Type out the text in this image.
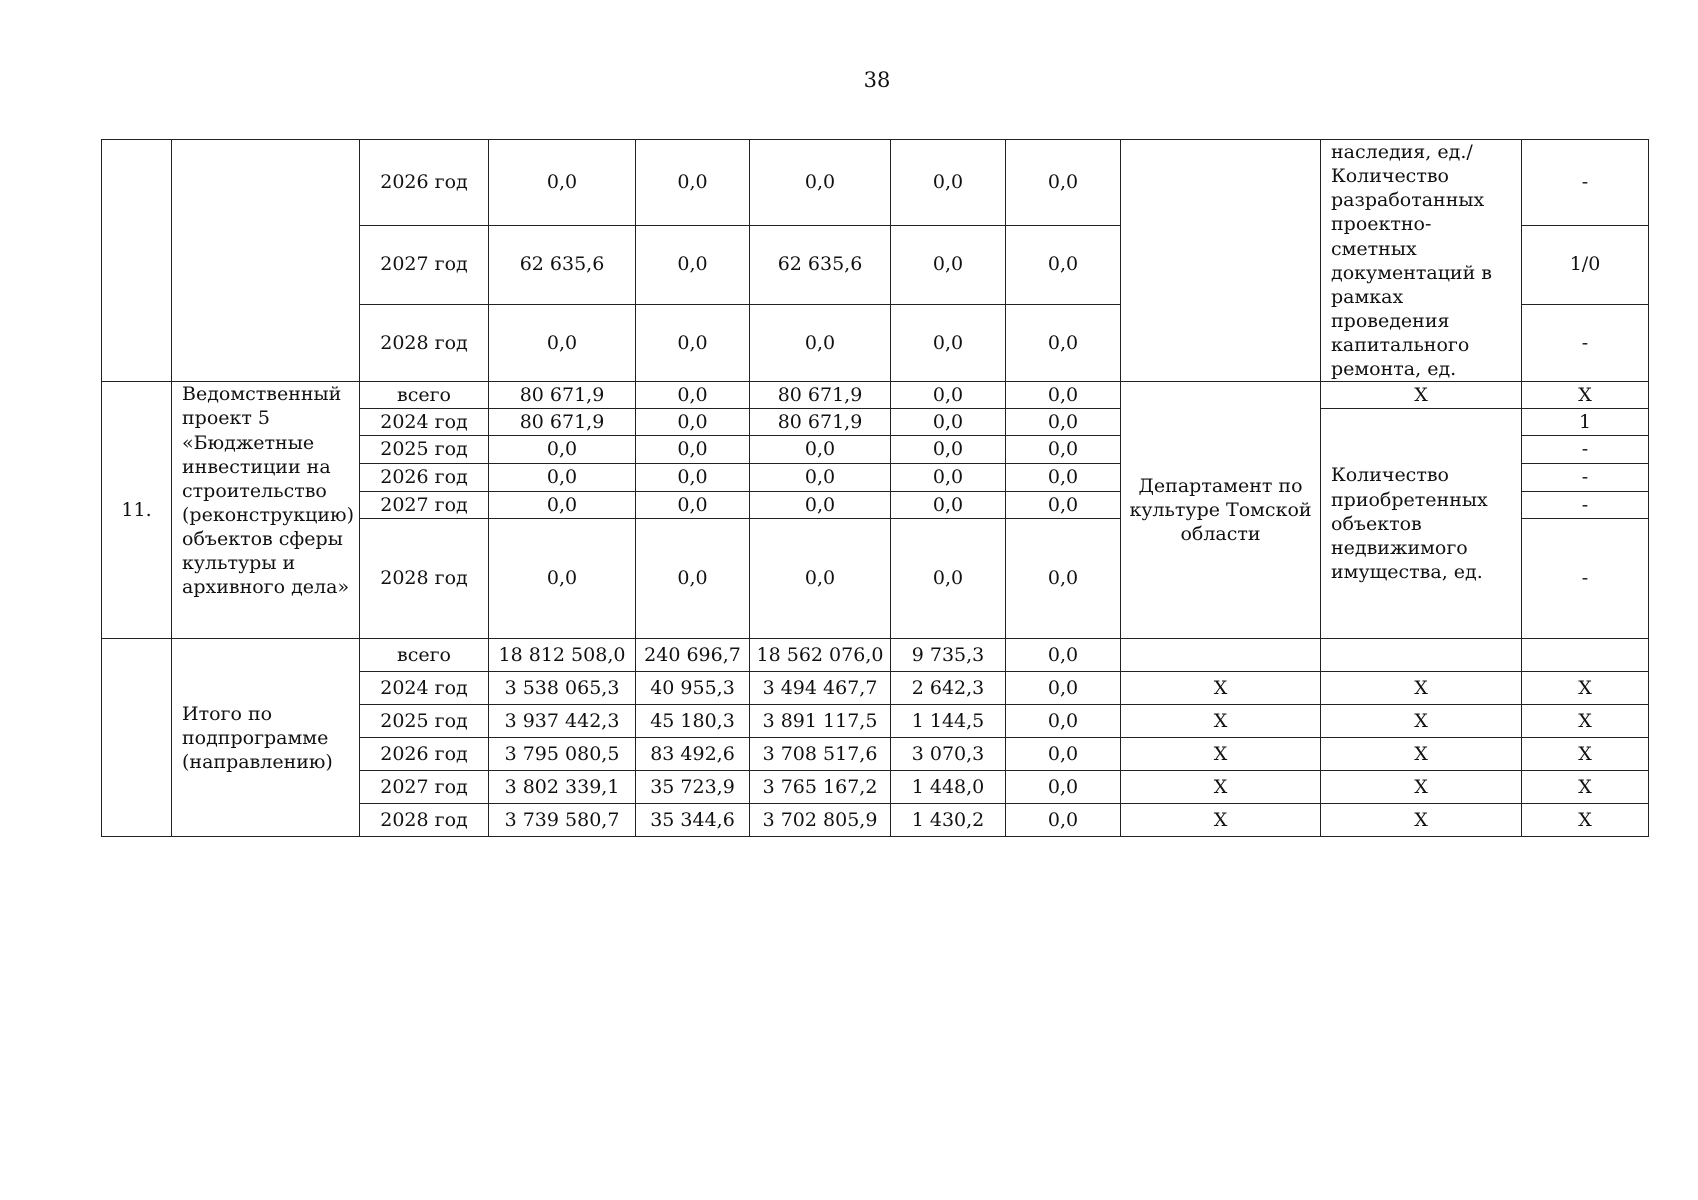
38
		2026 год	0,0	0,0	0,0	0,0	0,0		наследия, ед./ Количество разработанных проектно-сметных документаций в рамках проведения капитального ремонта, ед.	-
		2027 год	62 635,6	0,0	62 635,6	0,0	0,0			1/0
		2028 год	0,0	0,0	0,0	0,0	0,0			-
11.	Ведомственный проект 5 «Бюджетные инвестиции на строительство (реконструкцию) объектов сферы культуры и архивного дела»	всего	80 671,9	0,0	80 671,9	0,0	0,0	Департамент по культуре Томской области	Х	Х
		2024 год	80 671,9	0,0	80 671,9	0,0	0,0		Количество приобретенных объектов недвижимого имущества, ед.	1
		2025 год	0,0	0,0	0,0	0,0	0,0			-
		2026 год	0,0	0,0	0,0	0,0	0,0			-
		2027 год	0,0	0,0	0,0	0,0	0,0			-
		2028 год	0,0	0,0	0,0	0,0	0,0			-
	Итого по подпрограмме (направлению)	всего	18 812 508,0	240 696,7	18 562 076,0	9 735,3	0,0			
		2024 год	3 538 065,3	40 955,3	3 494 467,7	2 642,3	0,0	Х	Х	Х
		2025 год	3 937 442,3	45 180,3	3 891 117,5	1 144,5	0,0	Х	Х	Х
		2026 год	3 795 080,5	83 492,6	3 708 517,6	3 070,3	0,0	Х	Х	Х
		2027 год	3 802 339,1	35 723,9	3 765 167,2	1 448,0	0,0	Х	Х	Х
		2028 год	3 739 580,7	35 344,6	3 702 805,9	1 430,2	0,0	Х	Х	Х
